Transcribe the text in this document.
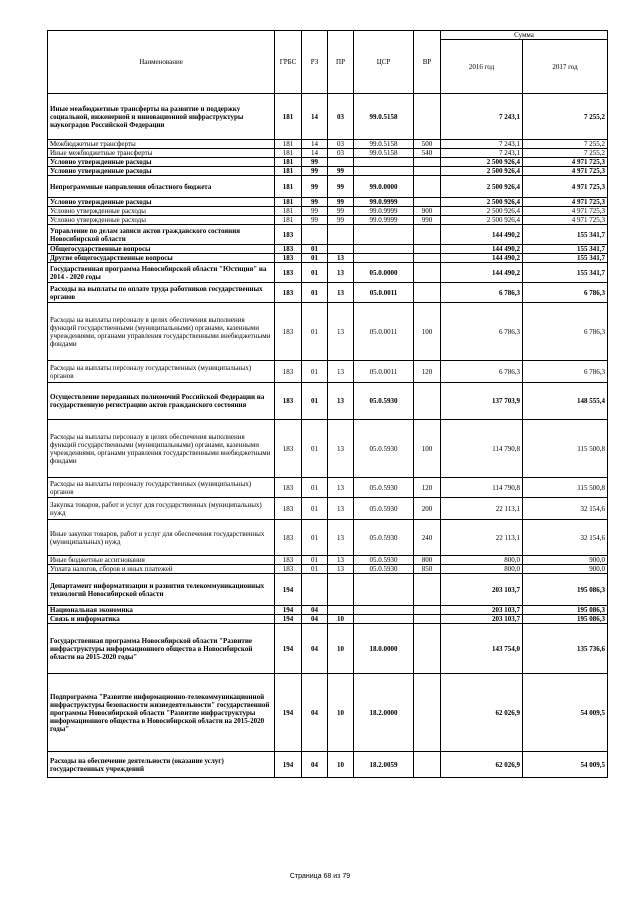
Наименование	ГРБС	РЗ	ПР	ЦСР	ВР	Сумма	
						2016 год	2017 год
Иные межбюджетные трансферты на развитие и поддержку социальной, инженерной и инновационной инфраструктуры наукоградов Российской Федерации	181	14	03	99.0.5158		7 243,1	7 255,2
Межбюджетные трансферты	181	14	03	99.0.5158	500	7 243,1	7 255,2
Иные межбюджетные трансферты	181	14	03	99.0.5158	540	7 243,1	7 255,2
Условно утвержденные расходы	181	99				2 500 926,4	4 971 725,3
Условно утвержденные расходы	181	99	99			2 500 926,4	4 971 725,3
Непрограммные направления областного бюджета	181	99	99	99.0.0000		2 500 926,4	4 971 725,3
Условно утвержденные расходы	181	99	99	99.0.9999		2 500 926,4	4 971 725,3
Условно утвержденные расходы	181	99	99	99.0.9999	900	2 500 926,4	4 971 725,3
Условно утвержденные расходы	181	99	99	99.0.9999	990	2 500 926,4	4 971 725,3
Управление по делам записи актов гражданского состояния Новосибирской области	183					144 490,2	155 341,7
Общегосударственные вопросы	183	01				144 490,2	155 341,7
Другие общегосударственные вопросы	183	01	13			144 490,2	155 341,7
Государственная программа Новосибирской области "Юстиция" на 2014 - 2020 годы	183	01	13	05.0.0000		144 490,2	155 341,7
Расходы на выплаты по оплате труда работников государственных органов	183	01	13	05.0.0011		6 786,3	6 786,3
Расходы на выплаты персоналу в целях обеспечения выполнения функций государственными (муниципальными) органами, казенными учреждениями, органами управления государственными внебюджетными фондами	183	01	13	05.0.0011	100	6 786,3	6 786,3
Расходы на выплаты персоналу государственных (муниципальных) органов	183	01	13	05.0.0011	120	6 786,3	6 786,3
Осуществление переданных полномочий Российской Федерации на государственную регистрацию актов гражданского состояния	183	01	13	05.0.5930		137 703,9	148 555,4
Расходы на выплаты персоналу в целях обеспечения выполнения функций государственными (муниципальными) органами, казенными учреждениями, органами управления государственными внебюджетными фондами	183	01	13	05.0.5930	100	114 790,8	115 500,8
Расходы на выплаты персоналу государственных (муниципальных) органов	183	01	13	05.0.5930	120	114 790,8	115 500,8
Закупка товаров, работ и услуг для государственных (муниципальных) нужд	183	01	13	05.0.5930	200	22 113,1	32 154,6
Иные закупки товаров, работ и услуг для обеспечения государственных (муниципальных) нужд	183	01	13	05.0.5930	240	22 113,1	32 154,6
Иные бюджетные ассигнования	183	01	13	05.0.5930	800	800,0	900,0
Уплата налогов, сборов и иных платежей	183	01	13	05.0.5930	850	800,0	900,0
Департамент информатизации и развития телекоммуникационных технологий Новосибирской области	194					203 103,7	195 086,3
Национальная экономика	194	04				203 103,7	195 086,3
Связь и информатика	194	04	10			203 103,7	195 086,3
Государственная программа Новосибирской области "Развитие инфраструктуры информационного общества в Новосибирской области на 2015-2020 годы"	194	04	10	18.0.0000		143 754,0	135 736,6
Подпрограмма "Развитие информационно-телекоммуникационной инфраструктуры безопасности жизнедеятельности" государственной программы Новосибирской области "Развитие инфраструктуры информационного общества в Новосибирской области на 2015-2020 годы"	194	04	10	18.2.0000		62 026,9	54 009,5
Расходы на обеспечение деятельности (оказание услуг) государственных учреждений	194	04	10	18.2.0059		62 026,9	54 009,5
Страница 68 из 79
